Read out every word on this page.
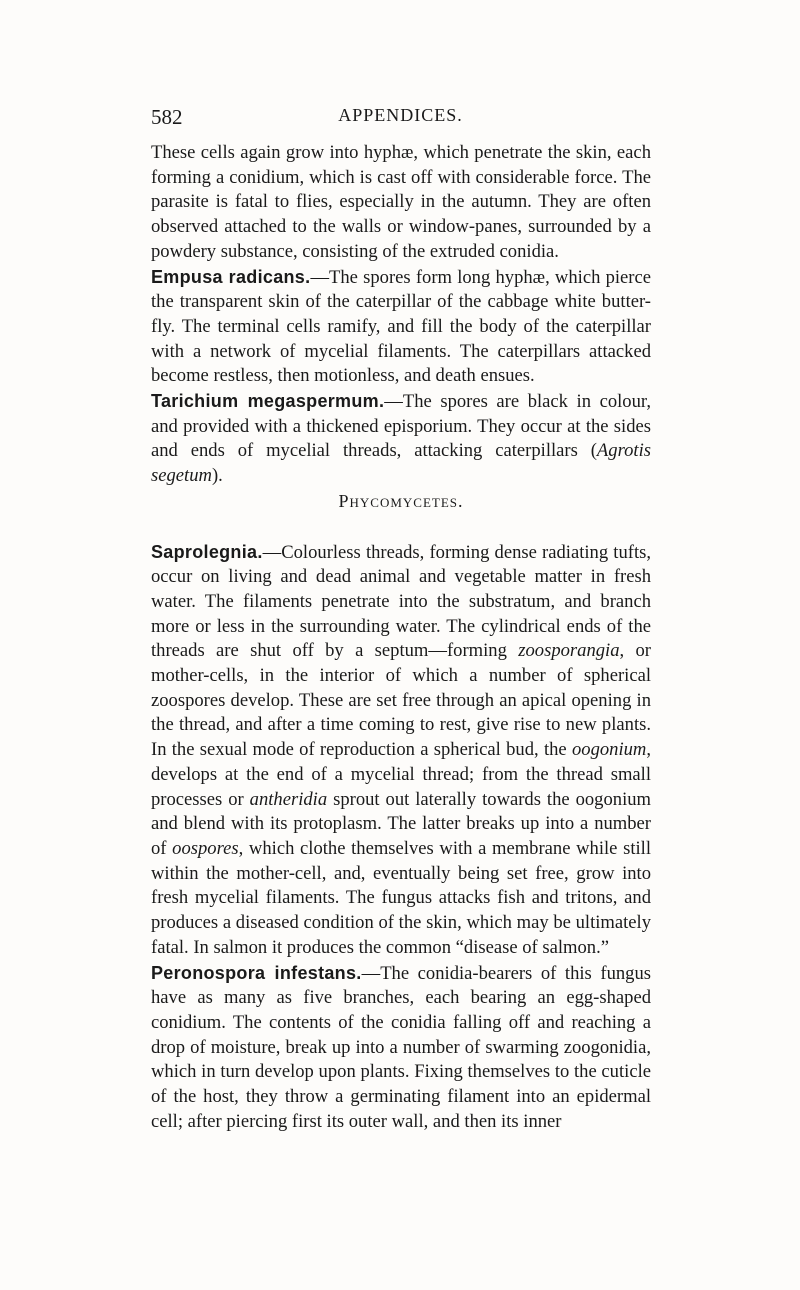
582	APPENDICES.

These cells again grow into hyphæ, which penetrate the skin, each forming a conidium, which is cast off with considerable force. The parasite is fatal to flies, especially in the autumn. They are often observed attached to the walls or window-panes, surrounded by a powdery substance, consisting of the extruded conidia.

Empusa radicans.—The spores form long hyphæ, which pierce the transparent skin of the caterpillar of the cabbage white butter-fly. The terminal cells ramify, and fill the body of the caterpillar with a network of mycelial filaments. The caterpillars attacked become restless, then motionless, and death ensues.

Tarichium megaspermum.—The spores are black in colour, and provided with a thickened episporium. They occur at the sides and ends of mycelial threads, attacking caterpillars (Agrotis segetum).

Phycomycetes.

Saprolegnia.—Colourless threads, forming dense radiating tufts, occur on living and dead animal and vegetable matter in fresh water. The filaments penetrate into the substratum, and branch more or less in the surrounding water. The cylindrical ends of the threads are shut off by a septum—forming zoosporangia, or mother-cells, in the interior of which a number of spherical zoospores develop. These are set free through an apical opening in the thread, and after a time coming to rest, give rise to new plants. In the sexual mode of reproduction a spherical bud, the oogonium, develops at the end of a mycelial thread; from the thread small processes or antheridia sprout out laterally towards the oogonium and blend with its protoplasm. The latter breaks up into a number of oospores, which clothe themselves with a membrane while still within the mother-cell, and, eventually being set free, grow into fresh mycelial filaments. The fungus attacks fish and tritons, and produces a diseased condition of the skin, which may be ultimately fatal. In salmon it produces the common “disease of salmon.”

Peronospora infestans.—The conidia-bearers of this fungus have as many as five branches, each bearing an egg-shaped conidium. The contents of the conidia falling off and reaching a drop of moisture, break up into a number of swarming zoogonidia, which in turn develop upon plants. Fixing themselves to the cuticle of the host, they throw a germinating filament into an epidermal cell; after piercing first its outer wall, and then its inner
